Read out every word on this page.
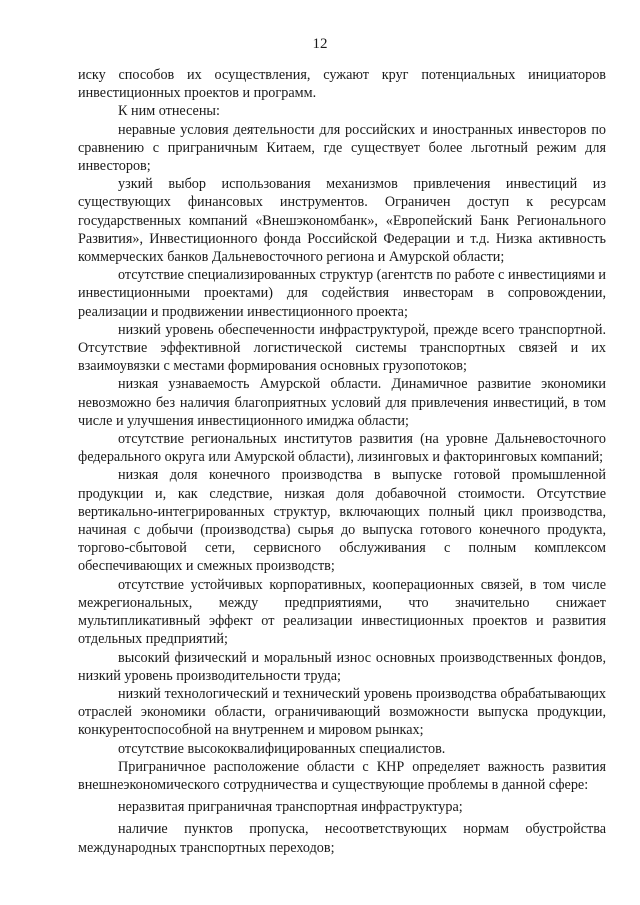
12

иску способов их осуществления, сужают круг потенциальных инициаторов инвестиционных проектов и программ.

К ним отнесены:

неравные условия деятельности для российских и иностранных инвесторов по сравнению с приграничным Китаем, где существует более льготный режим для инвесторов;

узкий выбор использования механизмов привлечения инвестиций из существующих финансовых инструментов. Ограничен доступ к ресурсам государственных компаний «Внешэкономбанк», «Европейский Банк Регионального Развития», Инвестиционного фонда Российской Федерации и т.д. Низка активность коммерческих банков Дальневосточного региона и Амурской области;

отсутствие специализированных структур (агентств по работе с инвестициями и инвестиционными проектами) для содействия инвесторам в сопровождении, реализации и продвижении инвестиционного проекта;

низкий уровень обеспеченности инфраструктурой, прежде всего транспортной. Отсутствие эффективной логистической системы транспортных связей и их взаимоувязки с местами формирования основных грузопотоков;

низкая узнаваемость Амурской области. Динамичное развитие экономики невозможно без наличия благоприятных условий для привлечения инвестиций, в том числе и улучшения инвестиционного имиджа области;

отсутствие региональных институтов развития (на уровне Дальневосточного федерального округа или Амурской области), лизинговых и факторинговых компаний;

низкая доля конечного производства в выпуске готовой промышленной продукции и, как следствие, низкая доля добавочной стоимости. Отсутствие вертикально-интегрированных структур, включающих полный цикл производства, начиная с добычи (производства) сырья до выпуска готового конечного продукта, торгово-сбытовой сети, сервисного обслуживания с полным комплексом обеспечивающих и смежных производств;

отсутствие устойчивых корпоративных, кооперационных связей, в том числе межрегиональных, между предприятиями, что значительно снижает мультипликативный эффект от реализации инвестиционных проектов и развития отдельных предприятий;

высокий физический и моральный износ основных производственных фондов, низкий уровень производительности труда;

низкий технологический и технический уровень производства обрабатывающих отраслей экономики области, ограничивающий возможности выпуска продукции, конкурентоспособной на внутреннем и мировом рынках;

отсутствие высококвалифицированных специалистов.

Приграничное расположение области с КНР определяет важность развития внешнеэкономического сотрудничества и существующие проблемы в данной сфере:

неразвитая приграничная транспортная инфраструктура;

наличие пунктов пропуска, несоответствующих нормам обустройства международных транспортных переходов;
